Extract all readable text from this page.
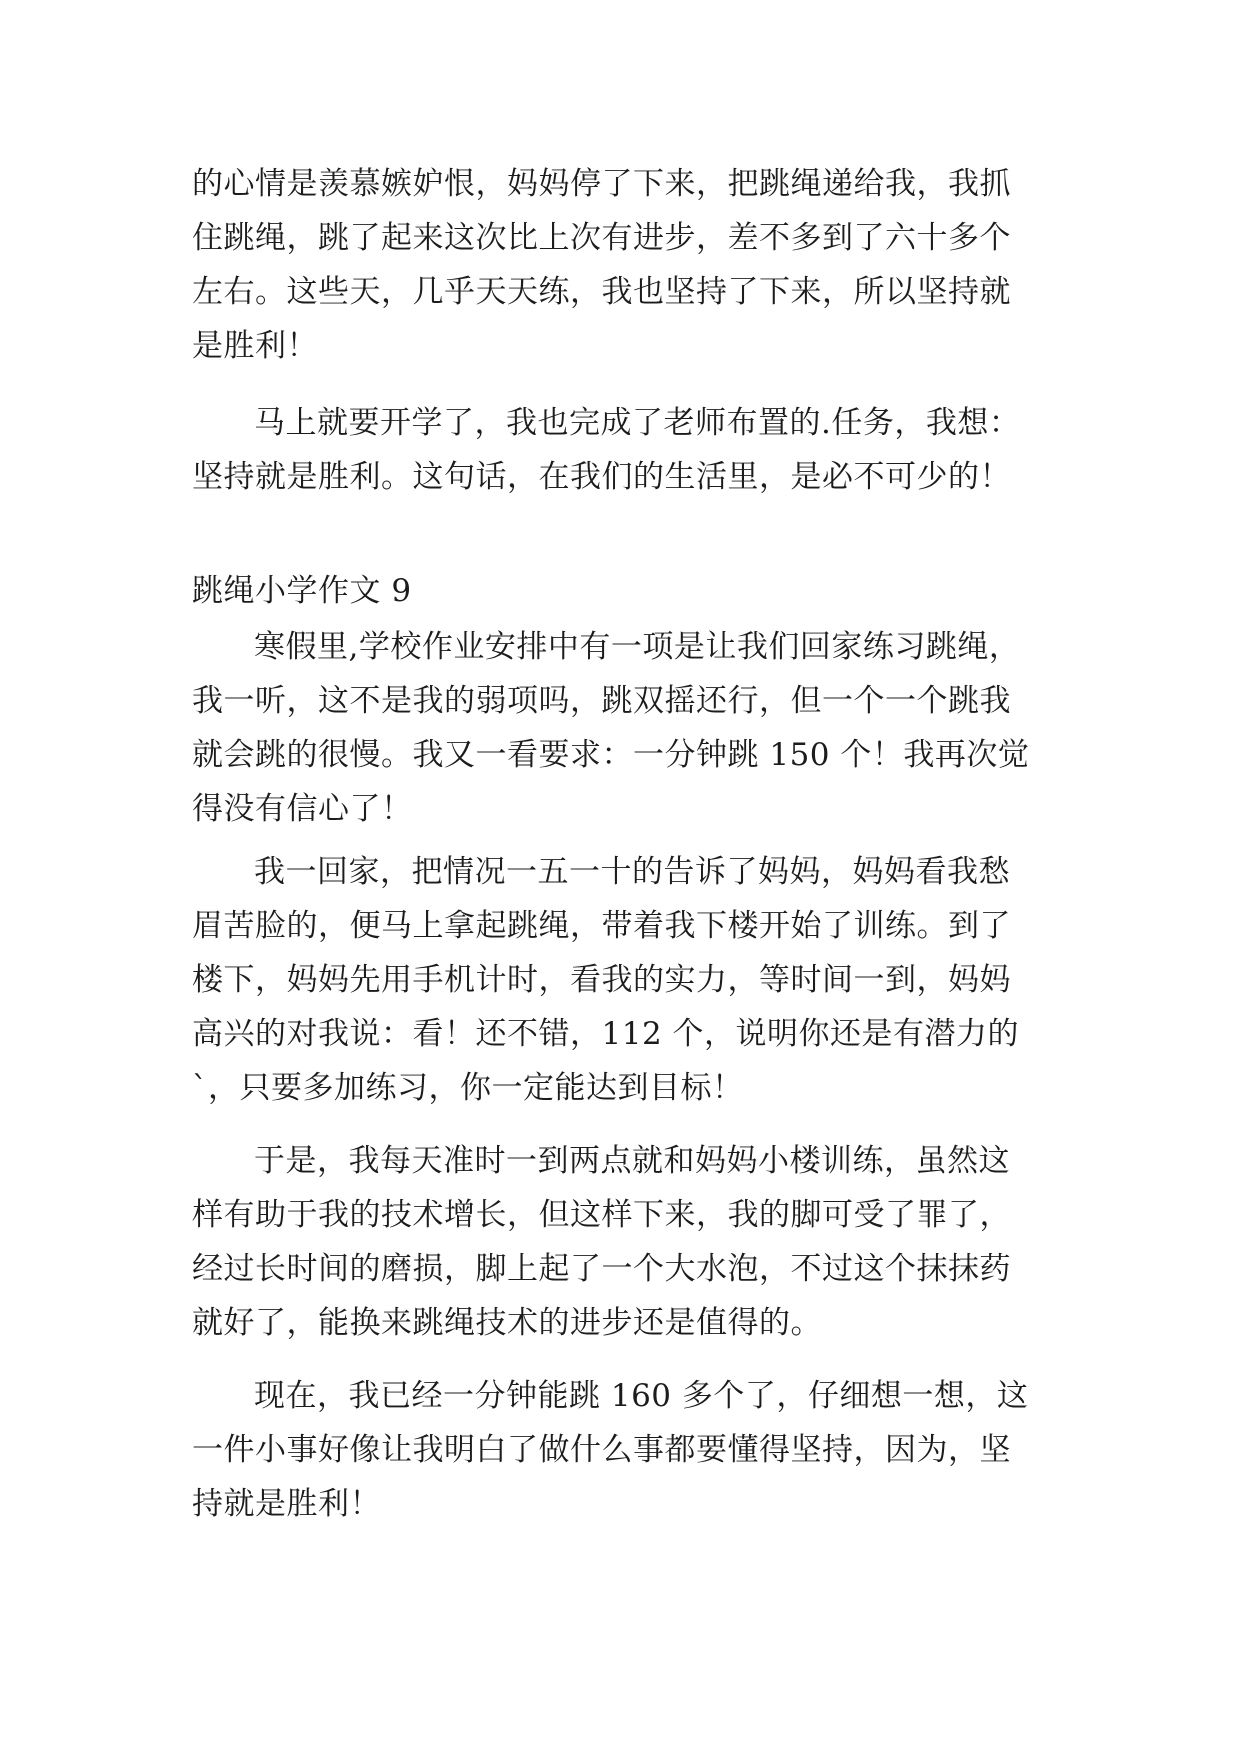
的心情是羡慕嫉妒恨，妈妈停了下来，把跳绳递给我，我抓
住跳绳，跳了起来这次比上次有进步，差不多到了六十多个
左右。这些天，几乎天天练，我也坚持了下来，所以坚持就
是胜利！
马上就要开学了，我也完成了老师布置的.任务，我想：
坚持就是胜利。这句话，在我们的生活里，是必不可少的！
跳绳小学作文 9
寒假里,学校作业安排中有一项是让我们回家练习跳绳，
我一听，这不是我的弱项吗，跳双摇还行，但一个一个跳我
就会跳的很慢。我又一看要求：一分钟跳 150 个！我再次觉
得没有信心了！
我一回家，把情况一五一十的告诉了妈妈，妈妈看我愁
眉苦脸的，便马上拿起跳绳，带着我下楼开始了训练。到了
楼下，妈妈先用手机计时，看我的实力，等时间一到，妈妈
高兴的对我说：看！还不错，112 个，说明你还是有潜力的
`，只要多加练习，你一定能达到目标！
于是，我每天准时一到两点就和妈妈小楼训练，虽然这
样有助于我的技术增长，但这样下来，我的脚可受了罪了，
经过长时间的磨损，脚上起了一个大水泡，不过这个抹抹药
就好了，能换来跳绳技术的进步还是值得的。
现在，我已经一分钟能跳 160 多个了，仔细想一想，这
一件小事好像让我明白了做什么事都要懂得坚持，因为，坚
持就是胜利！
